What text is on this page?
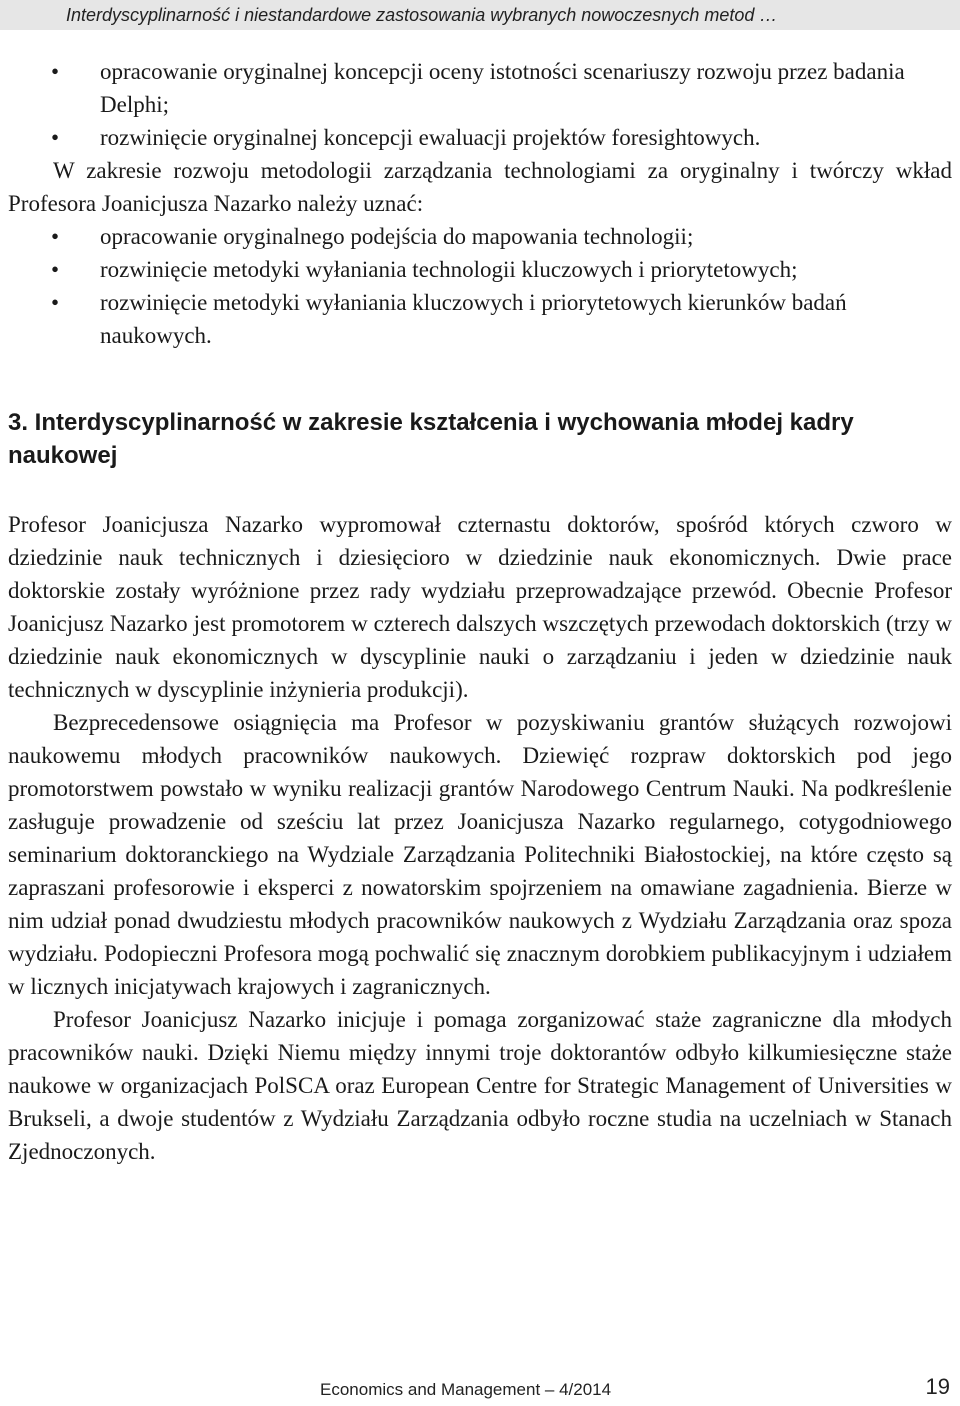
Interdyscyplinarność i niestandardowe zastosowania wybranych nowoczesnych metod …
• opracowanie oryginalnej koncepcji oceny istotności scenariuszy rozwoju przez badania Delphi;
• rozwinięcie oryginalnej koncepcji ewaluacji projektów foresightowych.

W zakresie rozwoju metodologii zarządzania technologiami za oryginalny i twórczy wkład Profesora Joanicjusza Nazarko należy uznać:

• opracowanie oryginalnego podejścia do mapowania technologii;
• rozwinięcie metodyki wyłaniania technologii kluczowych i priorytetowych;
• rozwinięcie metodyki wyłaniania kluczowych i priorytetowych kierunków badań naukowych.
3. Interdyscyplinarność w zakresie kształcenia i wychowania młodej kadry naukowej

Profesor Joanicjusza Nazarko wypromował czternastu doktorów, spośród których czworo w dziedzinie nauk technicznych i dziesięcioro w dziedzinie nauk ekonomicznych. Dwie prace doktorskie zostały wyróżnione przez rady wydziału przeprowadzające przewód. Obecnie Profesor Joanicjusz Nazarko jest promotorem w czterech dalszych wszczętych przewodach doktorskich (trzy w dziedzinie nauk ekonomicznych w dyscyplinie nauki o zarządzaniu i jeden w dziedzinie nauk technicznych w dyscyplinie inżynieria produkcji).

Bezprecedensowe osiągnięcia ma Profesor w pozyskiwaniu grantów służących rozwojowi naukowemu młodych pracowników naukowych. Dziewięć rozpraw doktorskich pod jego promotorstwem powstało w wyniku realizacji grantów Narodowego Centrum Nauki. Na podkreślenie zasługuje prowadzenie od sześciu lat przez Joanicjusza Nazarko regularnego, cotygodniowego seminarium doktoranckiego na Wydziale Zarządzania Politechniki Białostockiej, na które często są zapraszani profesorowie i eksperci z nowatorskim spojrzeniem na omawiane zagadnienia. Bierze w nim udział ponad dwudziestu młodych pracowników naukowych z Wydziału Zarządzania oraz spoza wydziału. Podopieczni Profesora mogą pochwalić się znacznym dorobkiem publikacyjnym i udziałem w licznych inicjatywach krajowych i zagranicznych.

Profesor Joanicjusz Nazarko inicjuje i pomaga zorganizować staże zagraniczne dla młodych pracowników nauki. Dzięki Niemu między innymi troje doktorantów odbyło kilkumiesięczne staże naukowe w organizacjach PolSCA oraz European Centre for Strategic Management of Universities w Brukseli, a dwoje studentów z Wydziału Zarządzania odbyło roczne studia na uczelniach w Stanach Zjednoczonych.

Economics and Management – 4/2014	19
